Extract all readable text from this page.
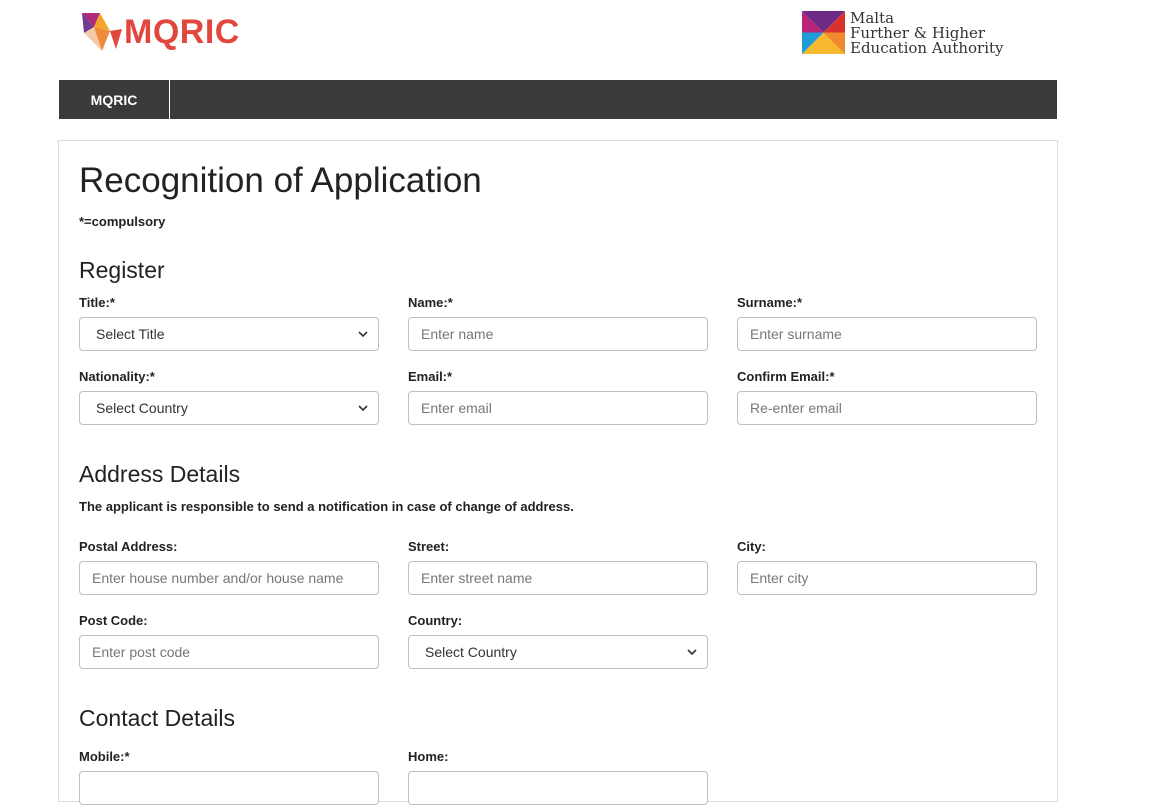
MQRIC	Malta
Further & Higher
Education Authority
MQRIC
Recognition of Application
*=compulsory
Register
Title:*
Select Title
Name:*
Enter name	Surname:*
Enter surname
Nationality:*
Select Country
Email:*
Enter email	Confirm Email:*
Re-enter email
Address Details
The applicant is responsible to send a notification in case of change of address.
Postal Address:
Enter house number and/or house name	Street:
Enter street name	City:
Enter city
Post Code:
Enter post code	Country:
Select Country
Contact Details
Mobile:*	Home:
